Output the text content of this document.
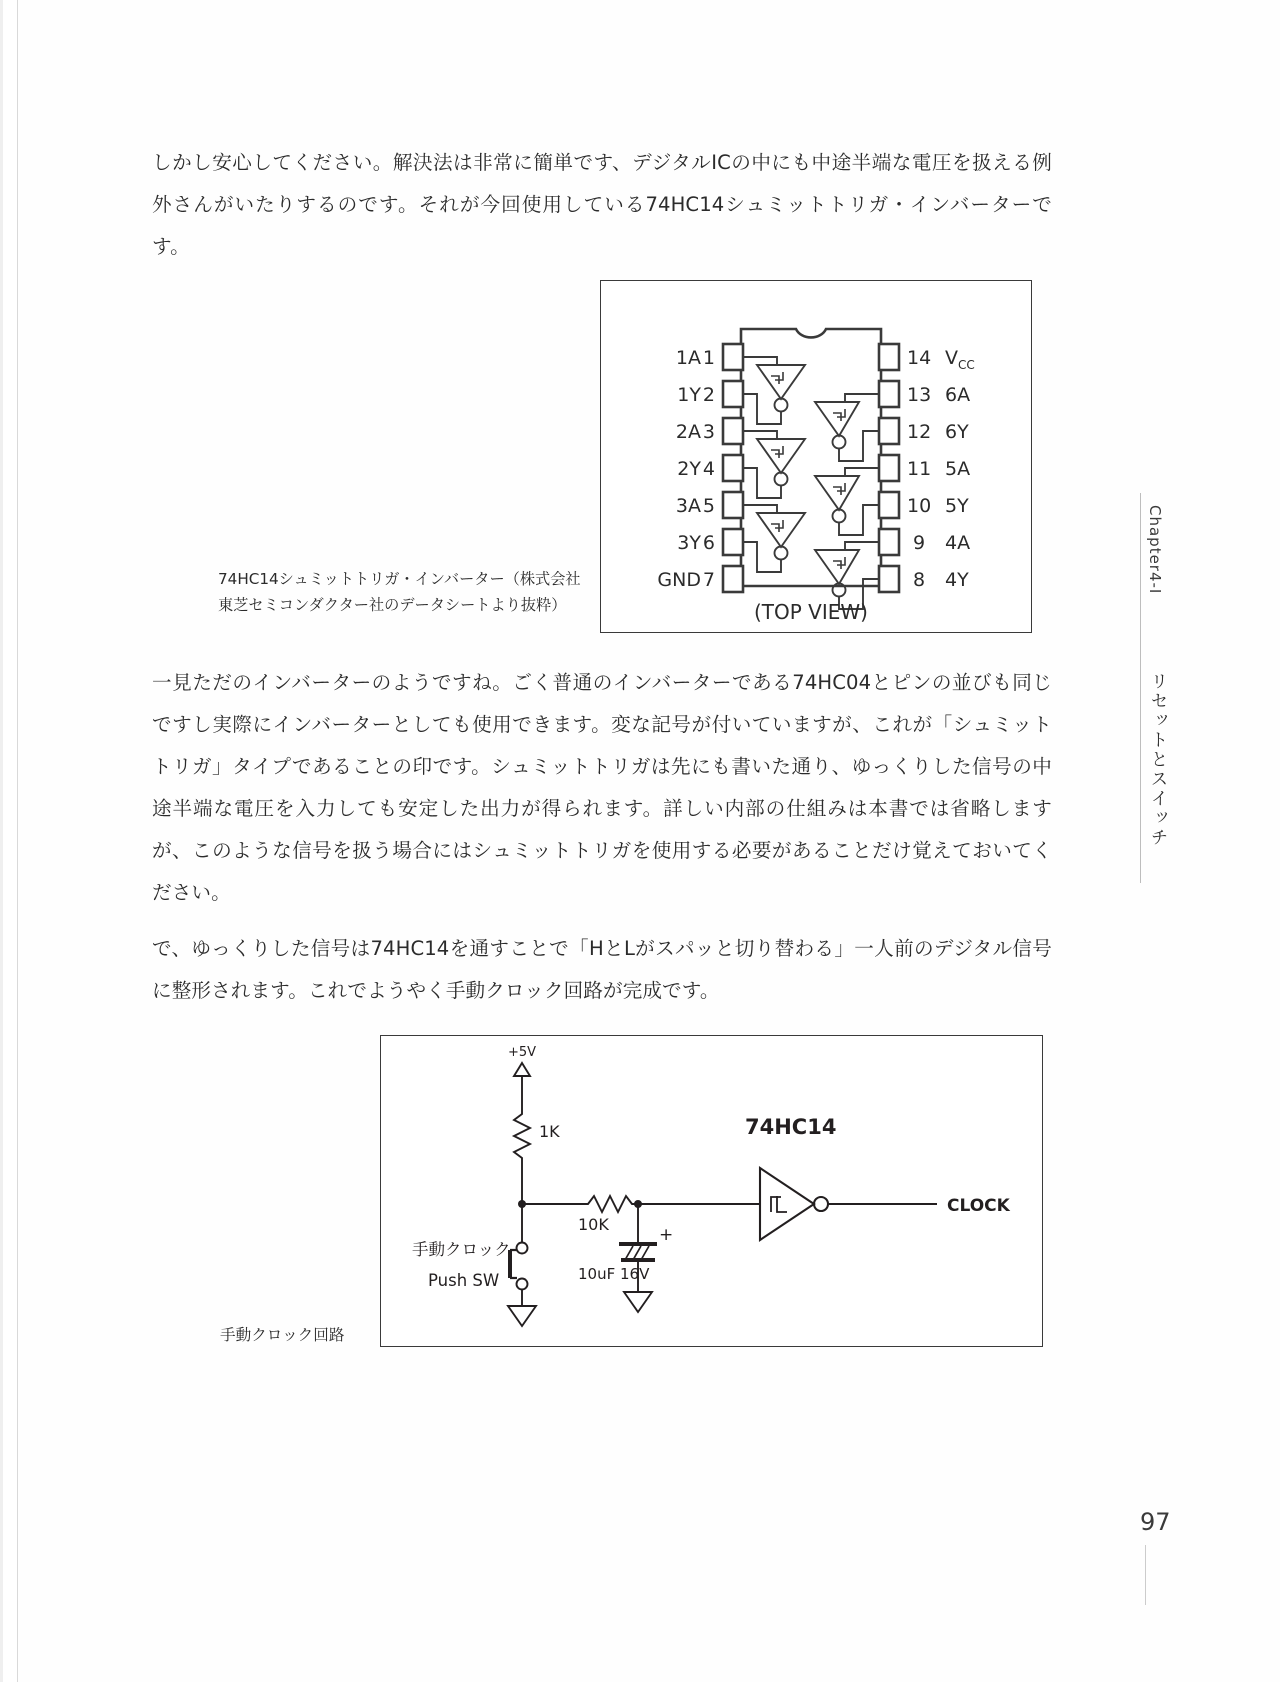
しかし安心してください。解決法は非常に簡単です、デジタルICの中にも中途半端な電圧を扱える例外さんがいたりするのです。それが今回使用している74HC14シュミットトリガ・インバーターです。

1A 1
1Y 2
2A 3
2Y 4
3A 5
3Y 6
GND 7
14 V CC
13 6A
12 6Y
11 5A
10 5Y
9 4A
8 4Y
(TOP VIEW)
74HC14シュミットトリガ・インバーター（株式会社東芝セミコンダクター社のデータシートより抜粋）

一見ただのインバーターのようですね。ごく普通のインバーターである74HC04とピンの並びも同じですし実際にインバーターとしても使用できます。変な記号が付いていますが、これが「シュミットトリガ」タイプであることの印です。シュミットトリガは先にも書いた通り、ゆっくりした信号の中途半端な電圧を入力しても安定した出力が得られます。詳しい内部の仕組みは本書では省略しますが、このような信号を扱う場合にはシュミットトリガを使用する必要があることだけ覚えておいてください。

で、ゆっくりした信号は74HC14を通すことで「HとLがスパッと切り替わる」一人前のデジタル信号に整形されます。これでようやく手動クロック回路が完成です。

+5V
1K
10K
+
10uF 16V
手動クロック
Push SW
74HC14
CLOCK
手動クロック回路
Chapter4-I
リセットとスイッチ
97
